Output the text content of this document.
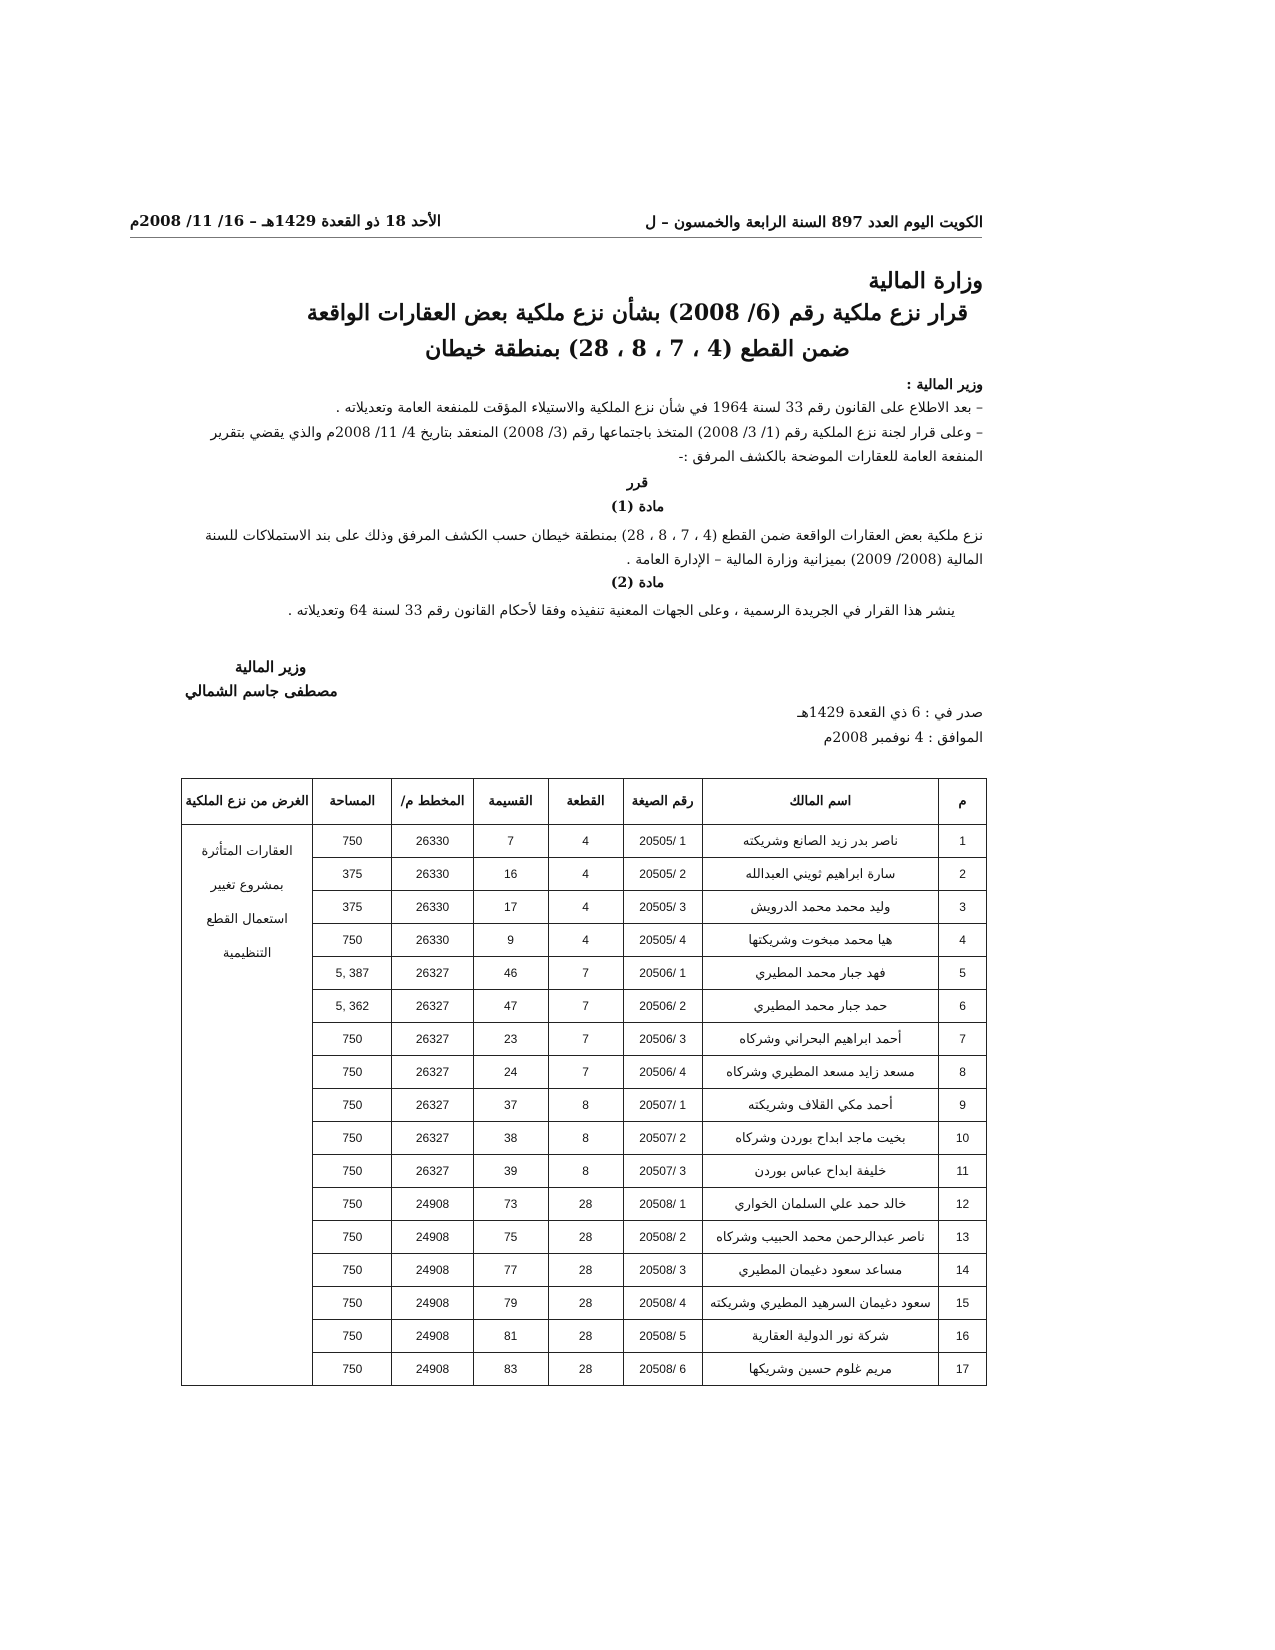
الأحد 18 ذو القعدة 1429هـ – 16/ 11/ 2008م	الكويت اليوم العدد 897 السنة الرابعة والخمسون – ل
وزارة المالية
قرار نزع ملكية رقم (6/ 2008) بشأن نزع ملكية بعض العقارات الواقعة
ضمن القطع (4 ، 7 ، 8 ، 28) بمنطقة خيطان
وزير المالية :
– بعد الاطلاع على القانون رقم 33 لسنة 1964 في شأن نزع الملكية والاستيلاء المؤقت للمنفعة العامة وتعديلاته .
– وعلى قرار لجنة نزع الملكية رقم (1/ 3/ 2008) المتخذ باجتماعها رقم (3/ 2008) المنعقد بتاريخ 4/ 11/ 2008م والذي يقضي بتقرير المنفعة العامة للعقارات الموضحة بالكشف المرفق :-
قرر
مادة (1)
نزع ملكية بعض العقارات الواقعة ضمن القطع (4 ، 7 ، 8 ، 28) بمنطقة خيطان حسب الكشف المرفق وذلك على بند الاستملاكات للسنة المالية (2008/ 2009) بميزانية وزارة المالية – الإدارة العامة .
مادة (2)
ينشر هذا القرار في الجريدة الرسمية ، وعلى الجهات المعنية تنفيذه وفقا لأحكام القانون رقم 33 لسنة 64 وتعديلاته .
وزير المالية
مصطفى جاسم الشمالي
صدر في : 6 ذي القعدة 1429هـ
الموافق : 4 نوفمبر 2008م
م	اسم المالك	رقم الصيغة	القطعة	القسيمة	المخطط م/	المساحة	الغرض من نزع الملكية
1	ناصر بدر زيد الصانع وشريكته	20505/ 1	4	7	26330	750	العقارات المتأثرة
بمشروع تغيير
استعمال القطع
التنظيمية

2	سارة ابراهيم ثويني العبدالله	20505/ 2	4	16	26330	375	
3	وليد محمد محمد الدرويش	20505/ 3	4	17	26330	375	
4	هيا محمد مبخوت وشريكتها	20505/ 4	4	9	26330	750	
5	فهد جبار محمد المطيري	20506/ 1	7	46	26327	387 ,5	
6	حمد جبار محمد المطيري	20506/ 2	7	47	26327	362 ,5	
7	أحمد ابراهيم البحراني وشركاه	20506/ 3	7	23	26327	750	
8	مسعد زايد مسعد المطيري وشركاه	20506/ 4	7	24	26327	750	
9	أحمد مكي القلاف وشريكته	20507/ 1	8	37	26327	750	
10	بخيت ماجد ابداح بوردن وشركاه	20507/ 2	8	38	26327	750	
11	خليفة ابداح عباس بوردن	20507/ 3	8	39	26327	750	
12	خالد حمد علي السلمان الخواري	20508/ 1	28	73	24908	750	
13	ناصر عبدالرحمن محمد الحبيب وشركاه	20508/ 2	28	75	24908	750	
14	مساعد سعود دغيمان المطيري	20508/ 3	28	77	24908	750	
15	سعود دغيمان السرهيد المطيري وشريكته	20508/ 4	28	79	24908	750	
16	شركة نور الدولية العقارية	20508/ 5	28	81	24908	750	
17	مريم غلوم حسين وشريكها	20508/ 6	28	83	24908	750	
